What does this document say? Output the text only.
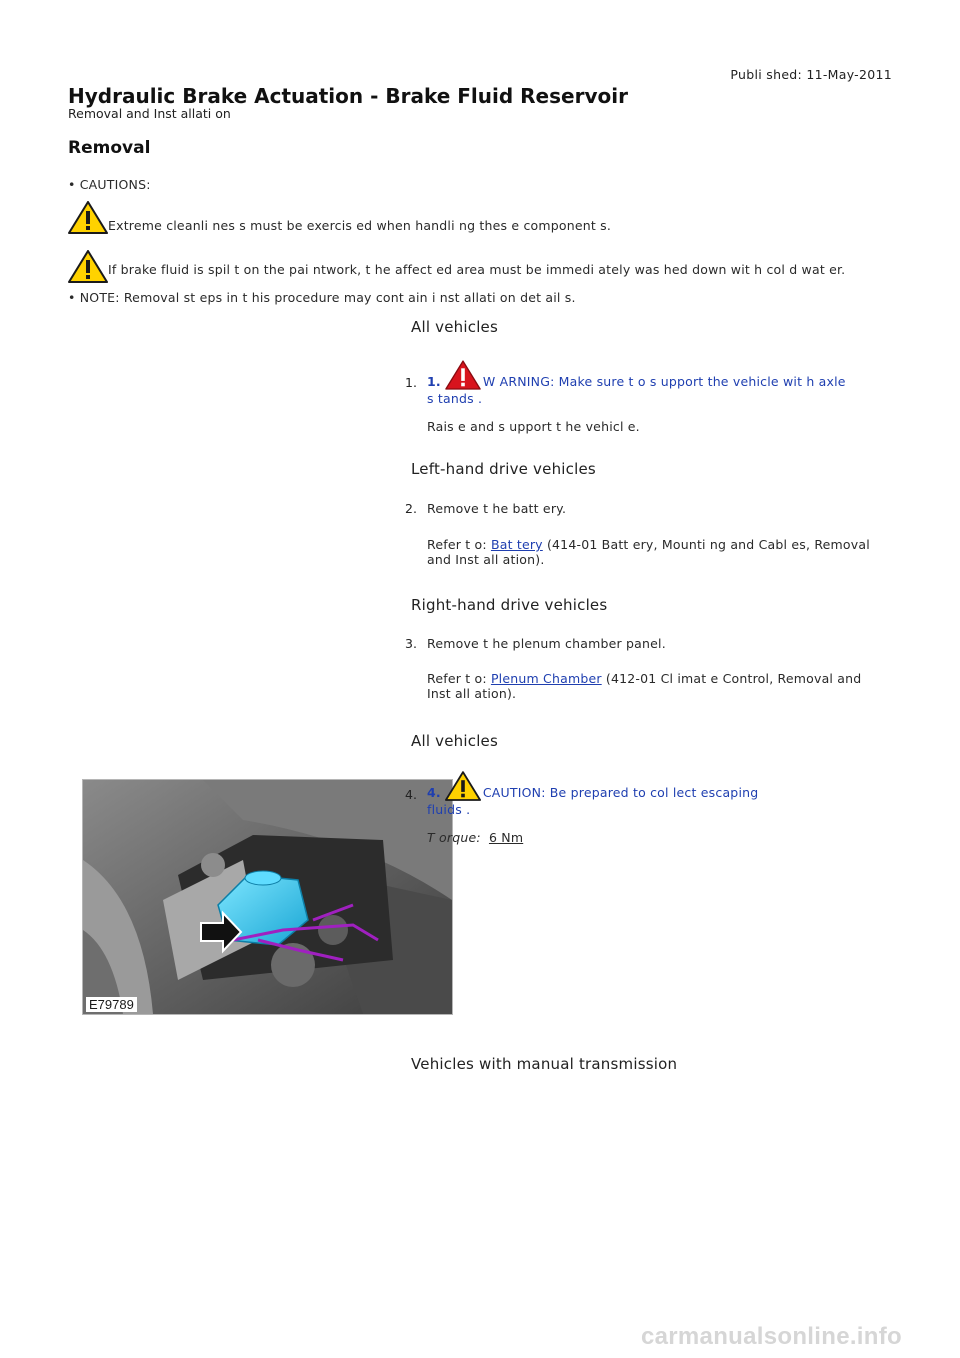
Publi shed: 11-May-2011
Hydraulic Brake Actuation - Brake Fluid Reservoir
Removal and Inst allati on
Removal
• CAUTIONS:
Extreme cleanli nes s must be exercis ed when handli ng thes e component s.
If brake fluid is spil t on the pai ntwork, t he affect ed area must be immedi ately was hed down wit h col d wat er.
• NOTE: Removal st eps in t his procedure may cont ain i nst allati on det ail s.
All vehicles
1. 1.	W ARNING: Make sure t o s upport the vehicle wit h axle
s tands .
Rais e and s upport t he vehicl e.
Left-hand drive vehicles
2. Remove t he batt ery.
Refer t o: Bat tery (414-01 Batt ery, Mounti ng and Cabl es, Removal
and Inst all ation).
Right-hand drive vehicles
3. Remove t he plenum chamber panel.
Refer t o: Plenum Chamber (412-01 Cl imat e Control, Removal and
Inst all ation).
All vehicles
E79789
4. 4.	CAUTION: Be prepared to col lect escaping
fluids .
T orque: 6 Nm
Vehicles with manual transmission
carmanualsonline.info
